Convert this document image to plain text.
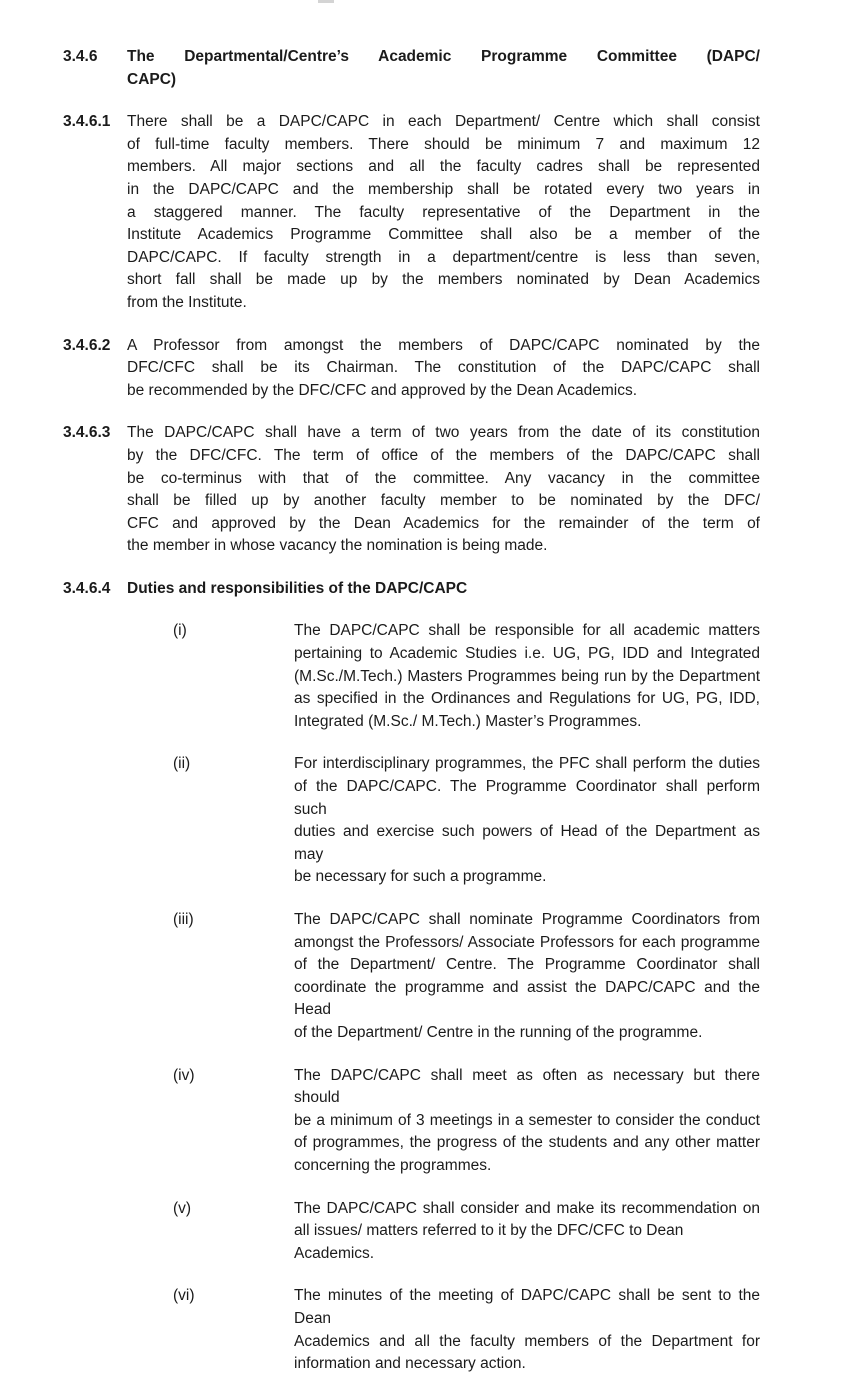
3.4.6	The Departmental/Centre’s Academic Programme Committee (DAPC/
CAPC)
3.4.6.1	There shall be a DAPC/CAPC in each Department/ Centre which shall consist
of full-time faculty members. There should be minimum 7 and maximum 12
members. All major sections and all the faculty cadres shall be represented
in the DAPC/CAPC and the membership shall be rotated every two years in
a staggered manner. The faculty representative of the Department in the
Institute Academics Programme Committee shall also be a member of the
DAPC/CAPC. If faculty strength in a department/centre is less than seven,
short fall shall be made up by the members nominated by Dean Academics
from the Institute.
3.4.6.2	A Professor from amongst the members of DAPC/CAPC nominated by the
DFC/CFC shall be its Chairman. The constitution of the DAPC/CAPC shall
be recommended by the DFC/CFC and approved by the Dean Academics.
3.4.6.3	The DAPC/CAPC shall have a term of two years from the date of its constitution
by the DFC/CFC. The term of office of the members of the DAPC/CAPC shall
be co-terminus with that of the committee. Any vacancy in the committee
shall be filled up by another faculty member to be nominated by the DFC/
CFC and approved by the Dean Academics for the remainder of the term of
the member in whose vacancy the nomination is being made.
3.4.6.4	Duties and responsibilities of the DAPC/CAPC
(i)	The DAPC/CAPC shall be responsible for all academic matters
pertaining to Academic Studies i.e. UG, PG, IDD and Integrated
(M.Sc./M.Tech.) Masters Programmes being run by the Department
as specified in the Ordinances and Regulations for UG, PG, IDD,
Integrated (M.Sc./ M.Tech.) Master’s Programmes.
(ii)	For interdisciplinary programmes, the PFC shall perform the duties
of the DAPC/CAPC. The Programme Coordinator shall perform such
duties and exercise such powers of Head of the Department as may
be necessary for such a programme.
(iii)	The DAPC/CAPC shall nominate Programme Coordinators from
amongst the Professors/ Associate Professors for each programme
of the Department/ Centre. The Programme Coordinator shall
coordinate the programme and assist the DAPC/CAPC and the Head
of the Department/ Centre in the running of the programme.
(iv)	The DAPC/CAPC shall meet as often as necessary but there should
be a minimum of 3 meetings in a semester to consider the conduct
of programmes, the progress of the students and any other matter
concerning the programmes.
(v)	The DAPC/CAPC shall consider and make its recommendation on
all issues/ matters referred to it by the DFC/CFC to Dean Academics.
(vi)	The minutes of the meeting of DAPC/CAPC shall be sent to the Dean
Academics and all the faculty members of the Department for
information and necessary action.
